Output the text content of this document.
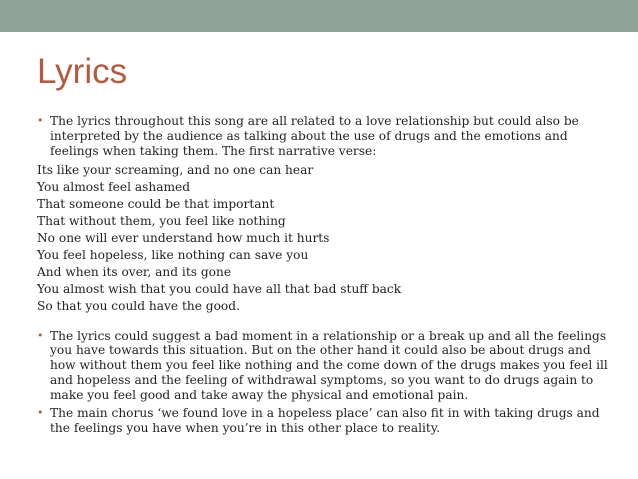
Lyrics
• The lyrics throughout this song are all related to a love relationship but could also be interpreted by the audience as talking about the use of drugs and the emotions and feelings when taking them. The first narrative verse:
Its like your screaming, and no one can hear
You almost feel ashamed
That someone could be that important
That without them, you feel like nothing
No one will ever understand how much it hurts
You feel hopeless, like nothing can save you
And when its over, and its gone
You almost wish that you could have all that bad stuff back
So that you could have the good.
• The lyrics could suggest a bad moment in a relationship or a break up and all the feelings you have towards this situation. But on the other hand it could also be about drugs and how without them you feel like nothing and the come down of the drugs makes you feel ill and hopeless and the feeling of withdrawal symptoms, so you want to do drugs again to make you feel good and take away the physical and emotional pain.
• The main chorus ‘we found love in a hopeless place’ can also fit in with taking drugs and the feelings you have when you’re in this other place to reality.
